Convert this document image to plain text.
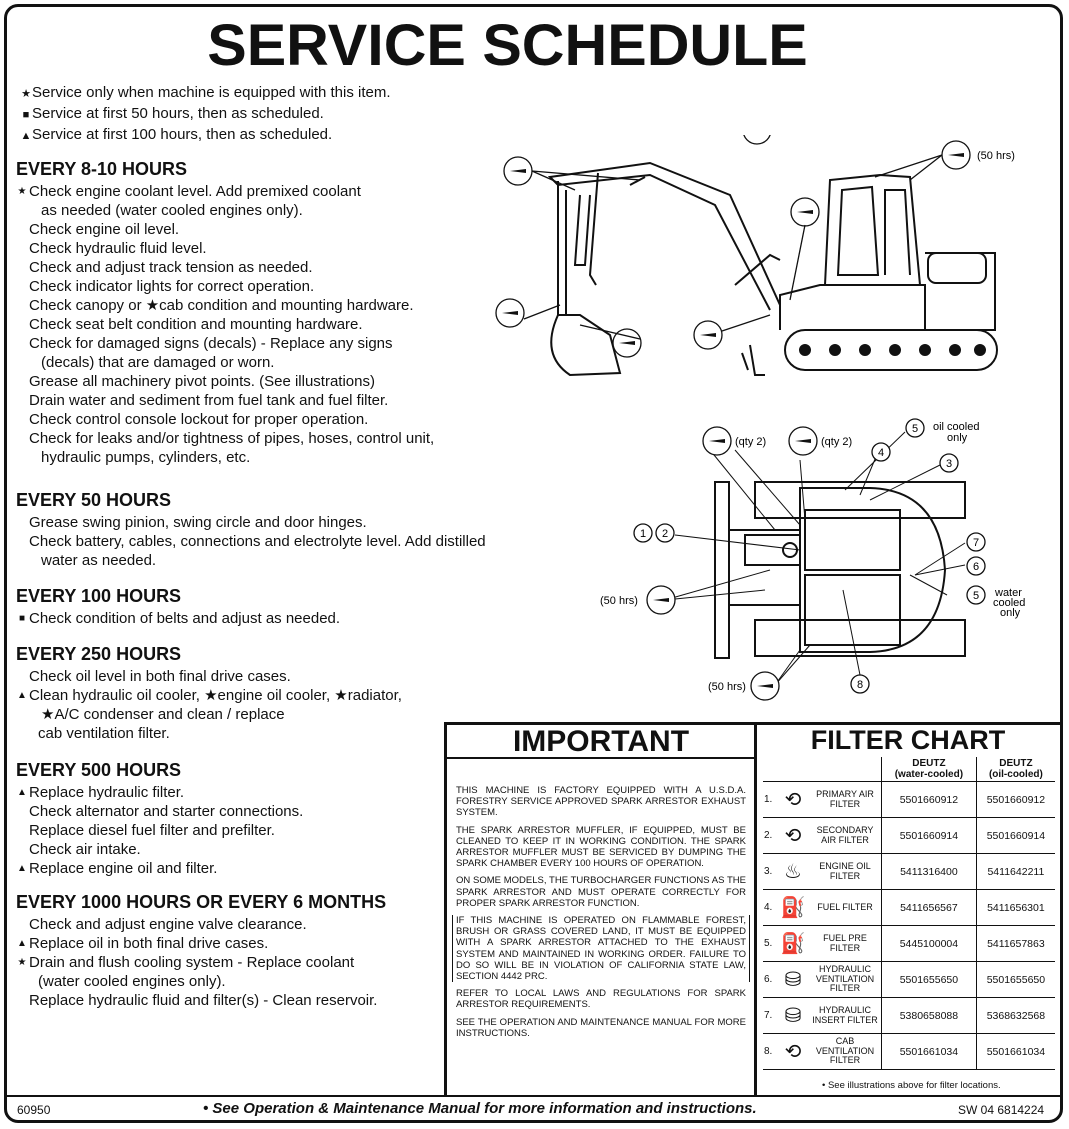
SERVICE SCHEDULE
★Service only when machine is equipped with this item.
■ Service at first 50 hours, then as scheduled.
▲Service at first 100 hours, then as scheduled.
EVERY 8-10 HOURS
★ Check engine coolant level. Add premixed coolant
as needed (water cooled engines only).
Check engine oil level.
Check hydraulic fluid level.
Check and adjust track tension as needed.
Check indicator lights for correct operation.
Check canopy or ★cab condition and mounting hardware.
Check seat belt condition and mounting hardware.
Check for damaged signs (decals) - Replace any signs
(decals) that are damaged or worn.
Grease all machinery pivot points. (See illustrations)
Drain water and sediment from fuel tank and fuel filter.
Check control console lockout for proper operation.
Check for leaks and/or tightness of pipes, hoses, control unit,
hydraulic pumps, cylinders, etc.
EVERY 50 HOURS
Grease swing pinion, swing circle and door hinges.
Check battery, cables, connections and electrolyte level. Add distilled
water as needed.
EVERY 100 HOURS
■ Check condition of belts and adjust as needed.
EVERY 250 HOURS
Check oil level in both final drive cases.
▲ Clean hydraulic oil cooler, ★engine oil cooler, ★radiator,
★A/C condenser and clean / replace
cab ventilation filter.
EVERY 500 HOURS
▲ Replace hydraulic filter.
Check alternator and starter connections.
Replace diesel fuel filter and prefilter.
Check air intake.
▲ Replace engine oil and filter.
EVERY 1000 HOURS OR EVERY 6 MONTHS
Check and adjust engine valve clearance.
▲ Replace oil in both final drive cases.
★ Drain and flush cooling system - Replace coolant
(water cooled engines only).
Replace hydraulic fluid and filter(s) - Clean reservoir.
(50 hrs)
1 2
3
4
5
5
6
7
8
(qty 2)	(qty 2)
(50 hrs)
(50 hrs)
oil cooled
only
water
cooled
only
IMPORTANT

THIS MACHINE IS FACTORY EQUIPPED WITH A U.S.D.A. FORESTRY SERVICE APPROVED SPARK ARRESTOR EXHAUST SYSTEM.

THE SPARK ARRESTOR MUFFLER, IF EQUIPPED, MUST BE CLEANED TO KEEP IT IN WORKING CONDITION. THE SPARK ARRESTOR MUFFLER MUST BE SERVICED BY DUMPING THE SPARK CHAMBER EVERY 100 HOURS OF OPERATION.

ON SOME MODELS, THE TURBOCHARGER FUNCTIONS AS THE SPARK ARRESTOR AND MUST OPERATE CORRECTLY FOR PROPER SPARK ARRESTOR FUNCTION.

IF THIS MACHINE IS OPERATED ON FLAMMABLE FOREST, BRUSH OR GRASS COVERED LAND, IT MUST BE EQUIPPED WITH A SPARK ARRESTOR ATTACHED TO THE EXHAUST SYSTEM AND MAINTAINED IN WORKING ORDER. FAILURE TO DO SO WILL BE IN VIOLATION OF CALIFORNIA STATE LAW, SECTION 4442 PRC.

REFER TO LOCAL LAWS AND REGULATIONS FOR SPARK ARRESTOR REQUIREMENTS.

SEE THE OPERATION AND MAINTENANCE MANUAL FOR MORE INSTRUCTIONS.

FILTER CHART
			DEUTZ
(water-cooled)	DEUTZ
(oil-cooled)
1.	⟲	PRIMARY AIR FILTER	5501660912	5501660912
2.	⟲	SECONDARY AIR FILTER	5501660914	5501660914
3.	♨	ENGINE OIL FILTER	5411316400	5411642211
4.	⛽	FUEL FILTER	5411656567	5411656301
5.	⛽	FUEL PRE FILTER	5445100004	5411657863
6.	⛁	HYDRAULIC VENTILATION FILTER	5501655650	5501655650
7.	⛁	HYDRAULIC INSERT FILTER	5380658088	5368632568
8.	⟲	CAB VENTILATION FILTER	5501661034	5501661034
• See illustrations above for filter locations.
60950	• See Operation & Maintenance Manual for more information and instructions.	SW 04 6814224
